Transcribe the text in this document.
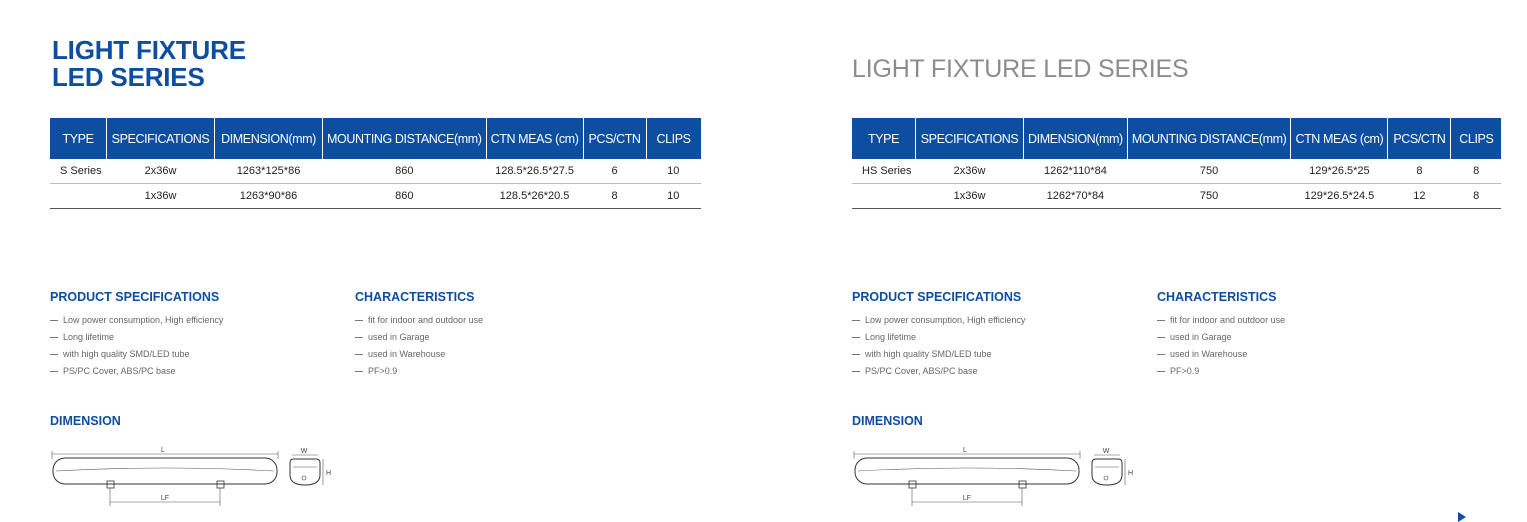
LIGHT FIXTURE
LED SERIES
TYPE	SPECIFICATIONS	DIMENSION(mm)	MOUNTING DISTANCE(mm)	CTN MEAS (cm)	PCS/CTN	CLIPS
S Series	2x36w	1263*125*86	860	128.5*26.5*27.5	6	10
	1x36w	1263*90*86	860	128.5*26*20.5	8	10
PRODUCT SPECIFICATIONS
Low power consumption, High efficiency
Long lifetime
with high quality SMD/LED tube
PS/PC Cover, ABS/PC base
CHARACTERISTICS
fit for indoor and outdoor use
used in Garage
used in Warehouse
PF>0.9
DIMENSION
L
LF
W
H
LIGHT FIXTURE LED SERIES
TYPE	SPECIFICATIONS	DIMENSION(mm)	MOUNTING DISTANCE(mm)	CTN MEAS (cm)	PCS/CTN	CLIPS
HS Series	2x36w	1262*110*84	750	129*26.5*25	8	8
	1x36w	1262*70*84	750	129*26.5*24.5	12	8
PRODUCT SPECIFICATIONS
Low power consumption, High efficiency
Long lifetime
with high quality SMD/LED tube
PS/PC Cover, ABS/PC base
CHARACTERISTICS
fit for indoor and outdoor use
used in Garage
used in Warehouse
PF>0.9
DIMENSION
L
LF
W
H
